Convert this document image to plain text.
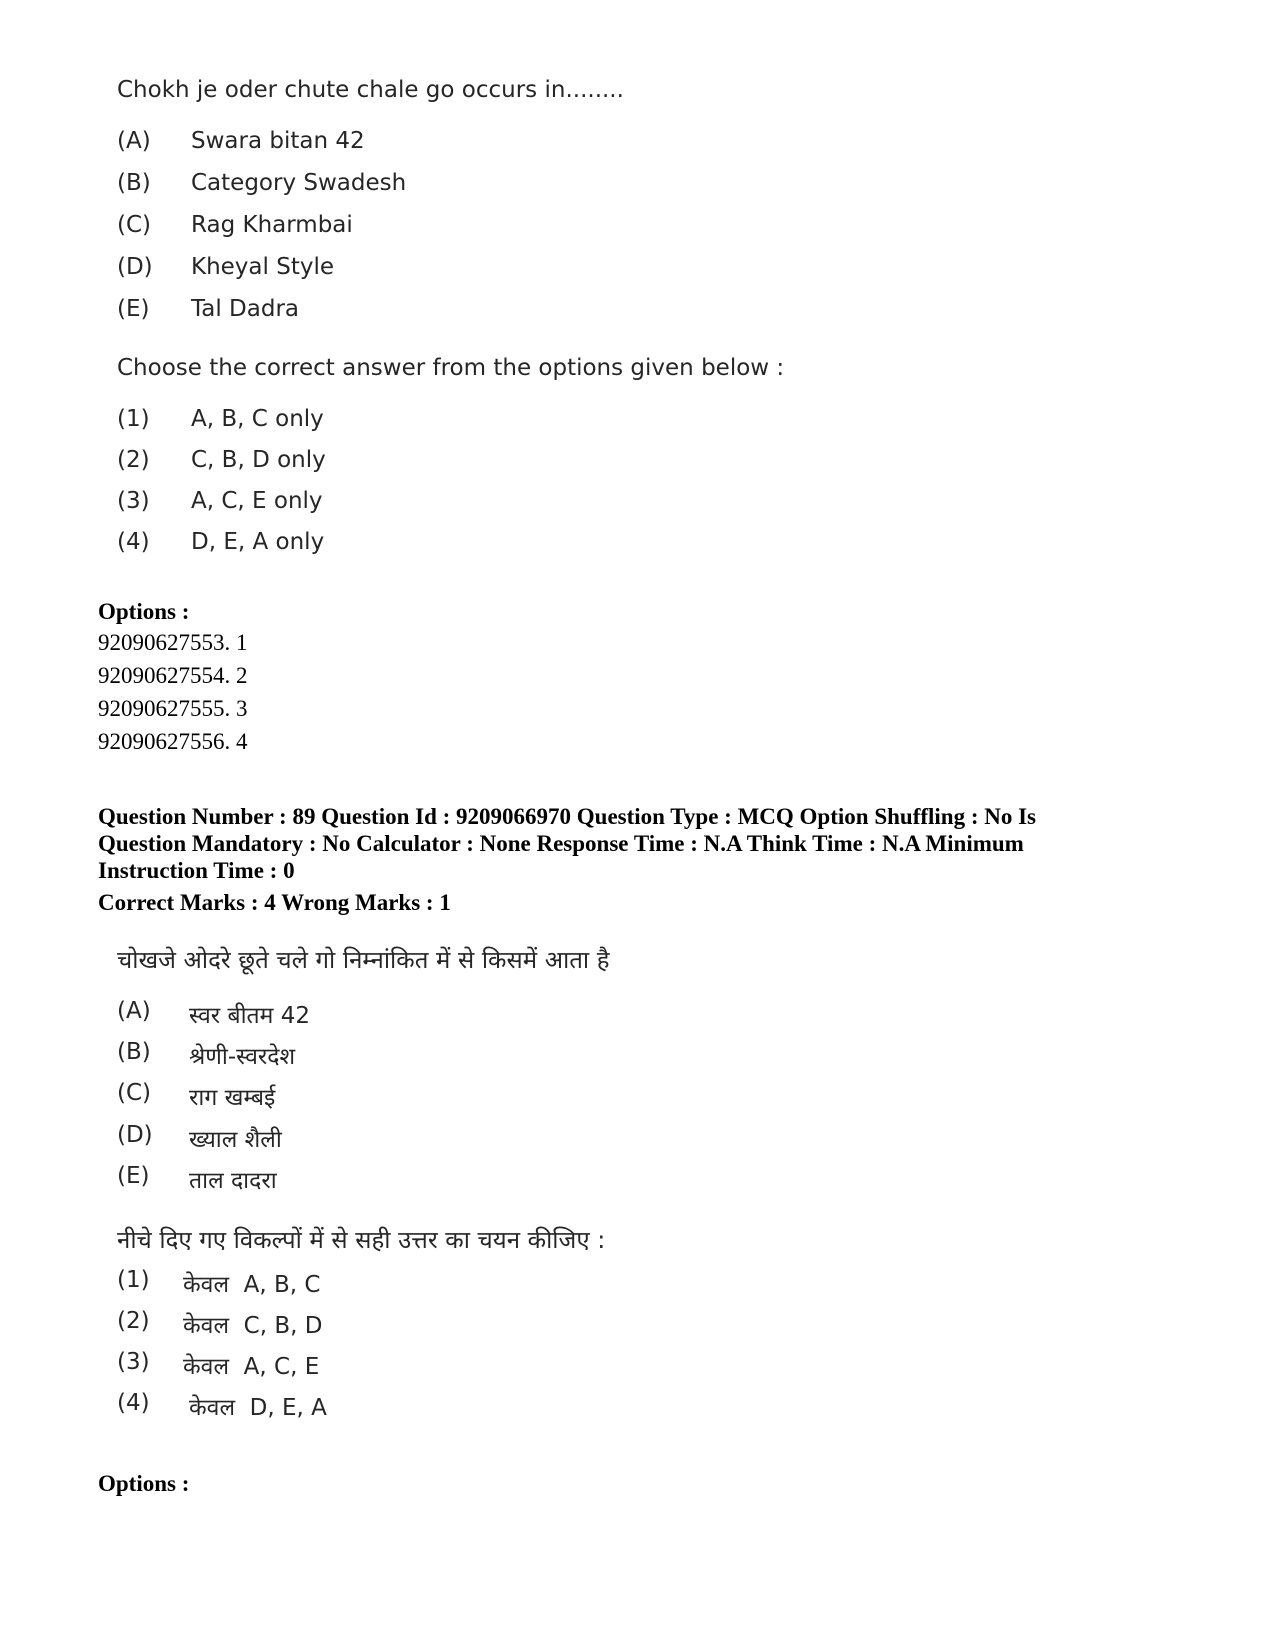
Chokh je oder chute chale go occurs in........
(A)	Swara bitan 42
(B)	Category Swadesh
(C)	Rag Kharmbai
(D)	Kheyal Style
(E)	Tal Dadra
Choose the correct answer from the options given below :
(1)	A, B, C only
(2)	C, B, D only
(3)	A, C, E only
(4)	D, E, A only
Options :
92090627553. 1
92090627554. 2
92090627555. 3
92090627556. 4
Question Number : 89 Question Id : 9209066970 Question Type : MCQ Option Shuffling : No Is
Question Mandatory : No Calculator : None Response Time : N.A Think Time : N.A Minimum
Instruction Time : 0
Correct Marks : 4 Wrong Marks : 1
चोखजे ओदरे छूते चले गो निम्नांकित में से किसमें आता है
(A)	स्वर बीतम 42
(B)	श्रेणी-स्वरदेश
(C)	राग खम्बई
(D)	ख्याल शैली
(E)	ताल दादरा
नीचे दिए गए विकल्पों में से सही उत्तर का चयन कीजिए :
(1)	केवल  A, B, C
(2)	केवल  C, B, D
(3)	केवल  A, C, E
(4)	केवल  D, E, A
Options :
